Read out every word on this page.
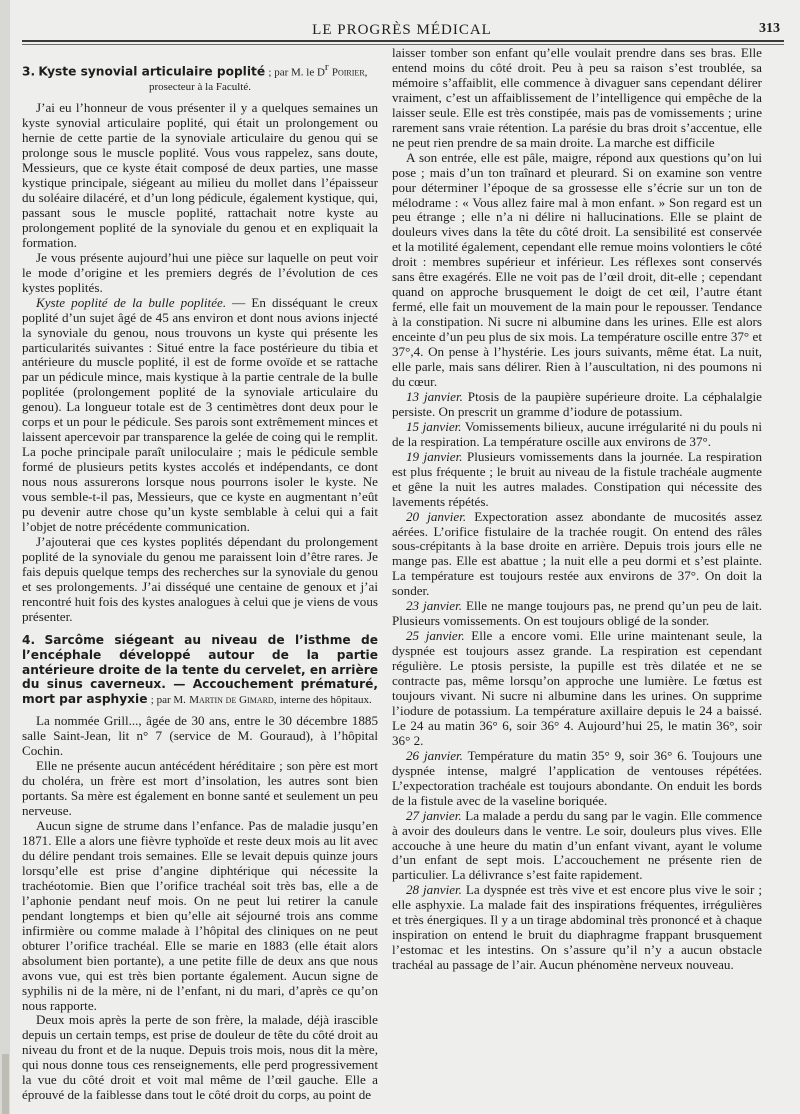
LE PROGRÈS MÉDICAL	313

3. Kyste synovial articulaire poplité ; par M. le $D^r$ Poirier,

prosecteur à la Faculté.

J’ai eu l’honneur de vous présenter il y a quelques semaines un kyste synovial articulaire poplité, qui était un prolongement ou hernie de cette partie de la synoviale articulaire du genou qui se prolonge sous le muscle poplité. Vous vous rappelez, sans doute, Messieurs, que ce kyste était composé de deux parties, une masse kystique principale, siégeant au milieu du mollet dans l’épaisseur du soléaire dilacéré, et d’un long pédicule, également kystique, qui, passant sous le muscle poplité, rattachait notre kyste au prolongement poplité de la synoviale du genou et en expliquait la formation.

Je vous présente aujourd’hui une pièce sur laquelle on peut voir le mode d’origine et les premiers degrés de l’évolution de ces kystes poplités.

Kyste poplité de la bulle poplitée. — En disséquant le creux poplité d’un sujet âgé de 45 ans environ et dont nous avions injecté la synoviale du genou, nous trouvons un kyste qui présente les particularités suivantes : Situé entre la face postérieure du tibia et antérieure du muscle poplité, il est de forme ovoïde et se rattache par un pédicule mince, mais kystique à la partie centrale de la bulle poplitée (prolongement poplité de la synoviale articulaire du genou). La longueur totale est de 3 centimètres dont deux pour le corps et un pour le pédicule. Ses parois sont extrêmement minces et laissent apercevoir par transparence la gelée de coing qui le remplit. La poche principale paraît uniloculaire ; mais le pédicule semble formé de plusieurs petits kystes accolés et indépendants, ce dont nous nous assurerons lorsque nous pourrons isoler le kyste. Ne vous semble-t-il pas, Messieurs, que ce kyste en augmentant n’eût pu devenir autre chose qu’un kyste semblable à celui qui a fait l’objet de notre précédente communication.

J’ajouterai que ces kystes poplités dépendant du prolongement poplité de la synoviale du genou me paraissent loin d’être rares. Je fais depuis quelque temps des recherches sur la synoviale du genou et ses prolongements. J’ai disséqué une centaine de genoux et j’ai rencontré huit fois des kystes analogues à celui que je viens de vous présenter.

4. Sarcôme siégeant au niveau de l’isthme de l’encéphale développé autour de la partie antérieure droite de la tente du cervelet, en arrière du sinus caverneux. — Accouchement prématuré, mort par asphyxie ; par M. Martin de Gimard, interne des hôpitaux.

La nommée Grill..., âgée de 30 ans, entre le 30 décembre 1885 salle Saint-Jean, lit n° 7 (service de M. Gouraud), à l’hôpital Cochin.

Elle ne présente aucun antécédent héréditaire ; son père est mort du choléra, un frère est mort d’insolation, les autres sont bien portants. Sa mère est également en bonne santé et seulement un peu nerveuse.

Aucun signe de strume dans l’enfance. Pas de maladie jusqu’en 1871. Elle a alors une fièvre typhoïde et reste deux mois au lit avec du délire pendant trois semaines. Elle se levait depuis quinze jours lorsqu’elle est prise d’angine diphtérique qui nécessite la trachéotomie. Bien que l’orifice trachéal soit très bas, elle a de l’aphonie pendant neuf mois. On ne peut lui retirer la canule pendant longtemps et bien qu’elle ait séjourné trois ans comme infirmière ou comme malade à l’hôpital des cliniques on ne peut obturer l’orifice trachéal. Elle se marie en 1883 (elle était alors absolument bien portante), a une petite fille de deux ans que nous avons vue, qui est très bien portante également. Aucun signe de syphilis ni de la mère, ni de l’enfant, ni du mari, d’après ce qu’on nous rapporte.

Deux mois après la perte de son frère, la malade, déjà irascible depuis un certain temps, est prise de douleur de tête du côté droit au niveau du front et de la nuque. Depuis trois mois, nous dit la mère, qui nous donne tous ces renseignements, elle perd progressivement la vue du côté droit et voit mal même de l’œil gauche. Elle a éprouvé de la faiblesse dans tout le côté droit du corps, au point de

laisser tomber son enfant qu’elle voulait prendre dans ses bras. Elle entend moins du côté droit. Peu à peu sa raison s’est troublée, sa mémoire s’affaiblit, elle commence à divaguer sans cependant délirer vraiment, c’est un affaiblissement de l’intelligence qui empêche de la laisser seule. Elle est très constipée, mais pas de vomissements ; urine rarement sans vraie rétention. La parésie du bras droit s’accentue, elle ne peut rien prendre de sa main droite. La marche est difficile

A son entrée, elle est pâle, maigre, répond aux questions qu’on lui pose ; mais d’un ton traînard et pleurard. Si on examine son ventre pour déterminer l’époque de sa grossesse elle s’écrie sur un ton de mélodrame : « Vous allez faire mal à mon enfant. » Son regard est un peu étrange ; elle n’a ni délire ni hallucinations. Elle se plaint de douleurs vives dans la tête du côté droit. La sensibilité est conservée et la motilité également, cependant elle remue moins volontiers le côté droit : membres supérieur et inférieur. Les réflexes sont conservés sans être exagérés. Elle ne voit pas de l’œil droit, dit-elle ; cependant quand on approche brusquement le doigt de cet œil, l’autre étant fermé, elle fait un mouvement de la main pour le repousser. Tendance à la constipation. Ni sucre ni albumine dans les urines. Elle est alors enceinte d’un peu plus de six mois. La température oscille entre 37° et 37°,4. On pense à l’hystérie. Les jours suivants, même état. La nuit, elle parle, mais sans délirer. Rien à l’auscultation, ni des poumons ni du cœur.

13 janvier. Ptosis de la paupière supérieure droite. La céphalalgie persiste. On prescrit un gramme d’iodure de potassium.

15 janvier. Vomissements bilieux, aucune irrégularité ni du pouls ni de la respiration. La température oscille aux environs de 37°.

19 janvier. Plusieurs vomissements dans la journée. La respiration est plus fréquente ; le bruit au niveau de la fistule trachéale augmente et gêne la nuit les autres malades. Constipation qui nécessite des lavements répétés.

20 janvier. Expectoration assez abondante de mucosités assez aérées. L’orifice fistulaire de la trachée rougit. On entend des râles sous-crépitants à la base droite en arrière. Depuis trois jours elle ne mange pas. Elle est abattue ; la nuit elle a peu dormi et s’est plainte. La température est toujours restée aux environs de 37°. On doit la sonder.

23 janvier. Elle ne mange toujours pas, ne prend qu’un peu de lait. Plusieurs vomissements. On est toujours obligé de la sonder.

25 janvier. Elle a encore vomi. Elle urine maintenant seule, la dyspnée est toujours assez grande. La respiration est cependant régulière. Le ptosis persiste, la pupille est très dilatée et ne se contracte pas, même lorsqu’on approche une lumière. Le fœtus est toujours vivant. Ni sucre ni albumine dans les urines. On supprime l’iodure de potassium. La température axillaire depuis le 24 a baissé. Le 24 au matin 36° 6, soir 36° 4. Aujourd’hui 25, le matin 36°, soir 36° 2.

26 janvier. Température du matin 35° 9, soir 36° 6. Toujours une dyspnée intense, malgré l’application de ventouses répétées. L’expectoration trachéale est toujours abondante. On enduit les bords de la fistule avec de la vaseline boriquée.

27 janvier. La malade a perdu du sang par le vagin. Elle commence à avoir des douleurs dans le ventre. Le soir, douleurs plus vives. Elle accouche à une heure du matin d’un enfant vivant, ayant le volume d’un enfant de sept mois. L’accouchement ne présente rien de particulier. La délivrance s’est faite rapidement.

28 janvier. La dyspnée est très vive et est encore plus vive le soir ; elle asphyxie. La malade fait des inspirations fréquentes, irrégulières et très énergiques. Il y a un tirage abdominal très prononcé et à chaque inspiration on entend le bruit du diaphragme frappant brusquement l’estomac et les intestins. On s’assure qu’il n’y a aucun obstacle trachéal au passage de l’air. Aucun phénomène nerveux nouveau.
